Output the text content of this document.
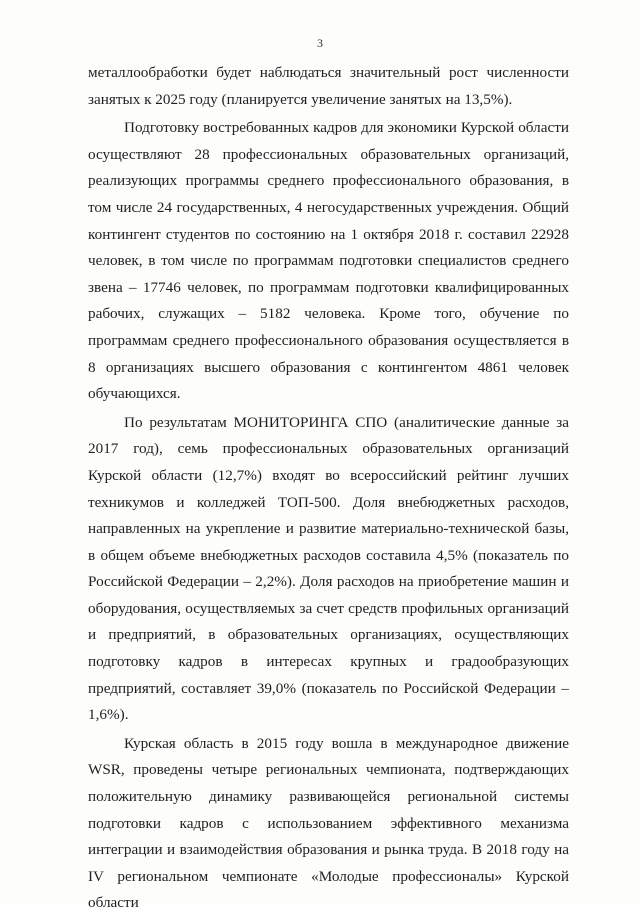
3

металлообработки будет наблюдаться значительный рост численности занятых к 2025 году (планируется увеличение занятых на 13,5%).

Подготовку востребованных кадров для экономики Курской области осуществляют 28 профессиональных образовательных организаций, реализующих программы среднего профессионального образования, в том числе 24 государственных, 4 негосударственных учреждения. Общий контингент студентов по состоянию на 1 октября 2018 г. составил 22928 человек, в том числе по программам подготовки специалистов среднего звена – 17746 человек, по программам подготовки квалифицированных рабочих, служащих – 5182 человека. Кроме того, обучение по программам среднего профессионального образования осуществляется в 8 организациях высшего образования с контингентом 4861 человек обучающихся.

По результатам МОНИТОРИНГА СПО (аналитические данные за 2017 год), семь профессиональных образовательных организаций Курской области (12,7%) входят во всероссийский рейтинг лучших техникумов и колледжей ТОП-500. Доля внебюджетных расходов, направленных на укрепление и развитие материально-технической базы, в общем объеме внебюджетных расходов составила 4,5% (показатель по Российской Федерации – 2,2%). Доля расходов на приобретение машин и оборудования, осуществляемых за счет средств профильных организаций и предприятий, в образовательных организациях, осуществляющих подготовку кадров в интересах крупных и градообразующих предприятий, составляет 39,0% (показатель по Российской Федерации –1,6%).

Курская область в 2015 году вошла в международное движение WSR, проведены четыре региональных чемпионата, подтверждающих положительную динамику развивающейся региональной системы подготовки кадров с использованием эффективного механизма интеграции и взаимодействия образования и рынка труда. В 2018 году на IV региональном чемпионате «Молодые профессионалы» Курской области
